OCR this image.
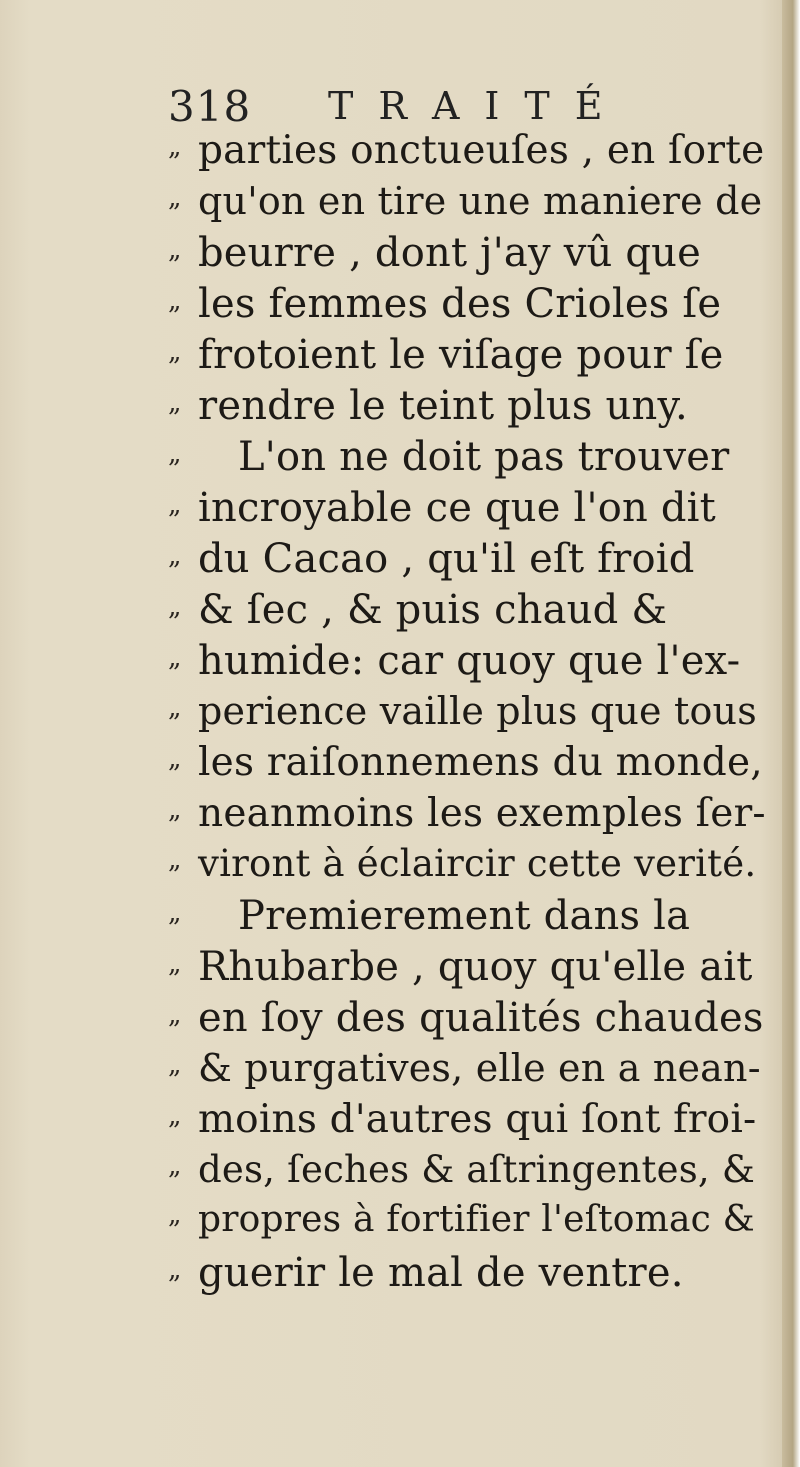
318 TRAITÉ
„ parties onctueuſes , en ſorte
„ qu'on en tire une maniere de
„ beurre , dont j'ay vû que
„ les femmes des Crioles ſe
„ frotoient le viſage pour ſe
„ rendre le teint plus uny.
„	L'on ne doit pas trouver
„ incroyable ce que l'on dit
„ du Cacao , qu'il eſt froid
„ & ſec , & puis chaud &
„ humide: car quoy que l'ex-
„ perience vaille plus que tous
„ les raiſonnemens du monde,
„ neanmoins les exemples ſer-
„ viront à éclaircir cette verité.
„	Premierement dans la
„ Rhubarbe , quoy qu'elle ait
„ en ſoy des qualités chaudes
„ & purgatives, elle en a nean-
„ moins d'autres qui ſont froi-
„ des, ſeches & aſtringentes, &
„ propres à fortifier l'eſtomac &
„ guerir le mal de ventre.
